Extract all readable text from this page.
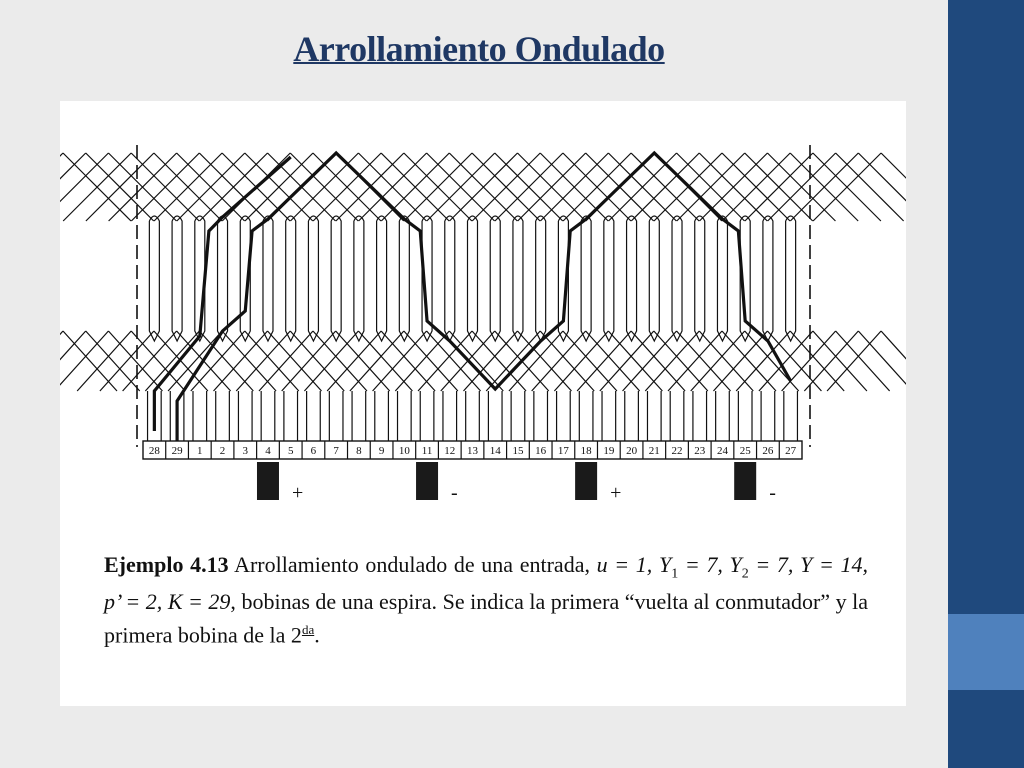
Arrollamiento Ondulado
28 29 1 2 3 4 5 6 7 8 9 10 11 12 13 14 15 16 17 18 19 20 21 22 23 24 25 26 27
+	-	+	-

Ejemplo 4.13 Arrollamiento ondulado de una entrada, u = 1, $Y_1 = 7$, $Y_2 = 7$, Y = 14, p’ = 2, K = 29, bobinas de una espira. Se indica la primera “vuelta al conmutador” y la primera bobina de la $2^{da}$.
